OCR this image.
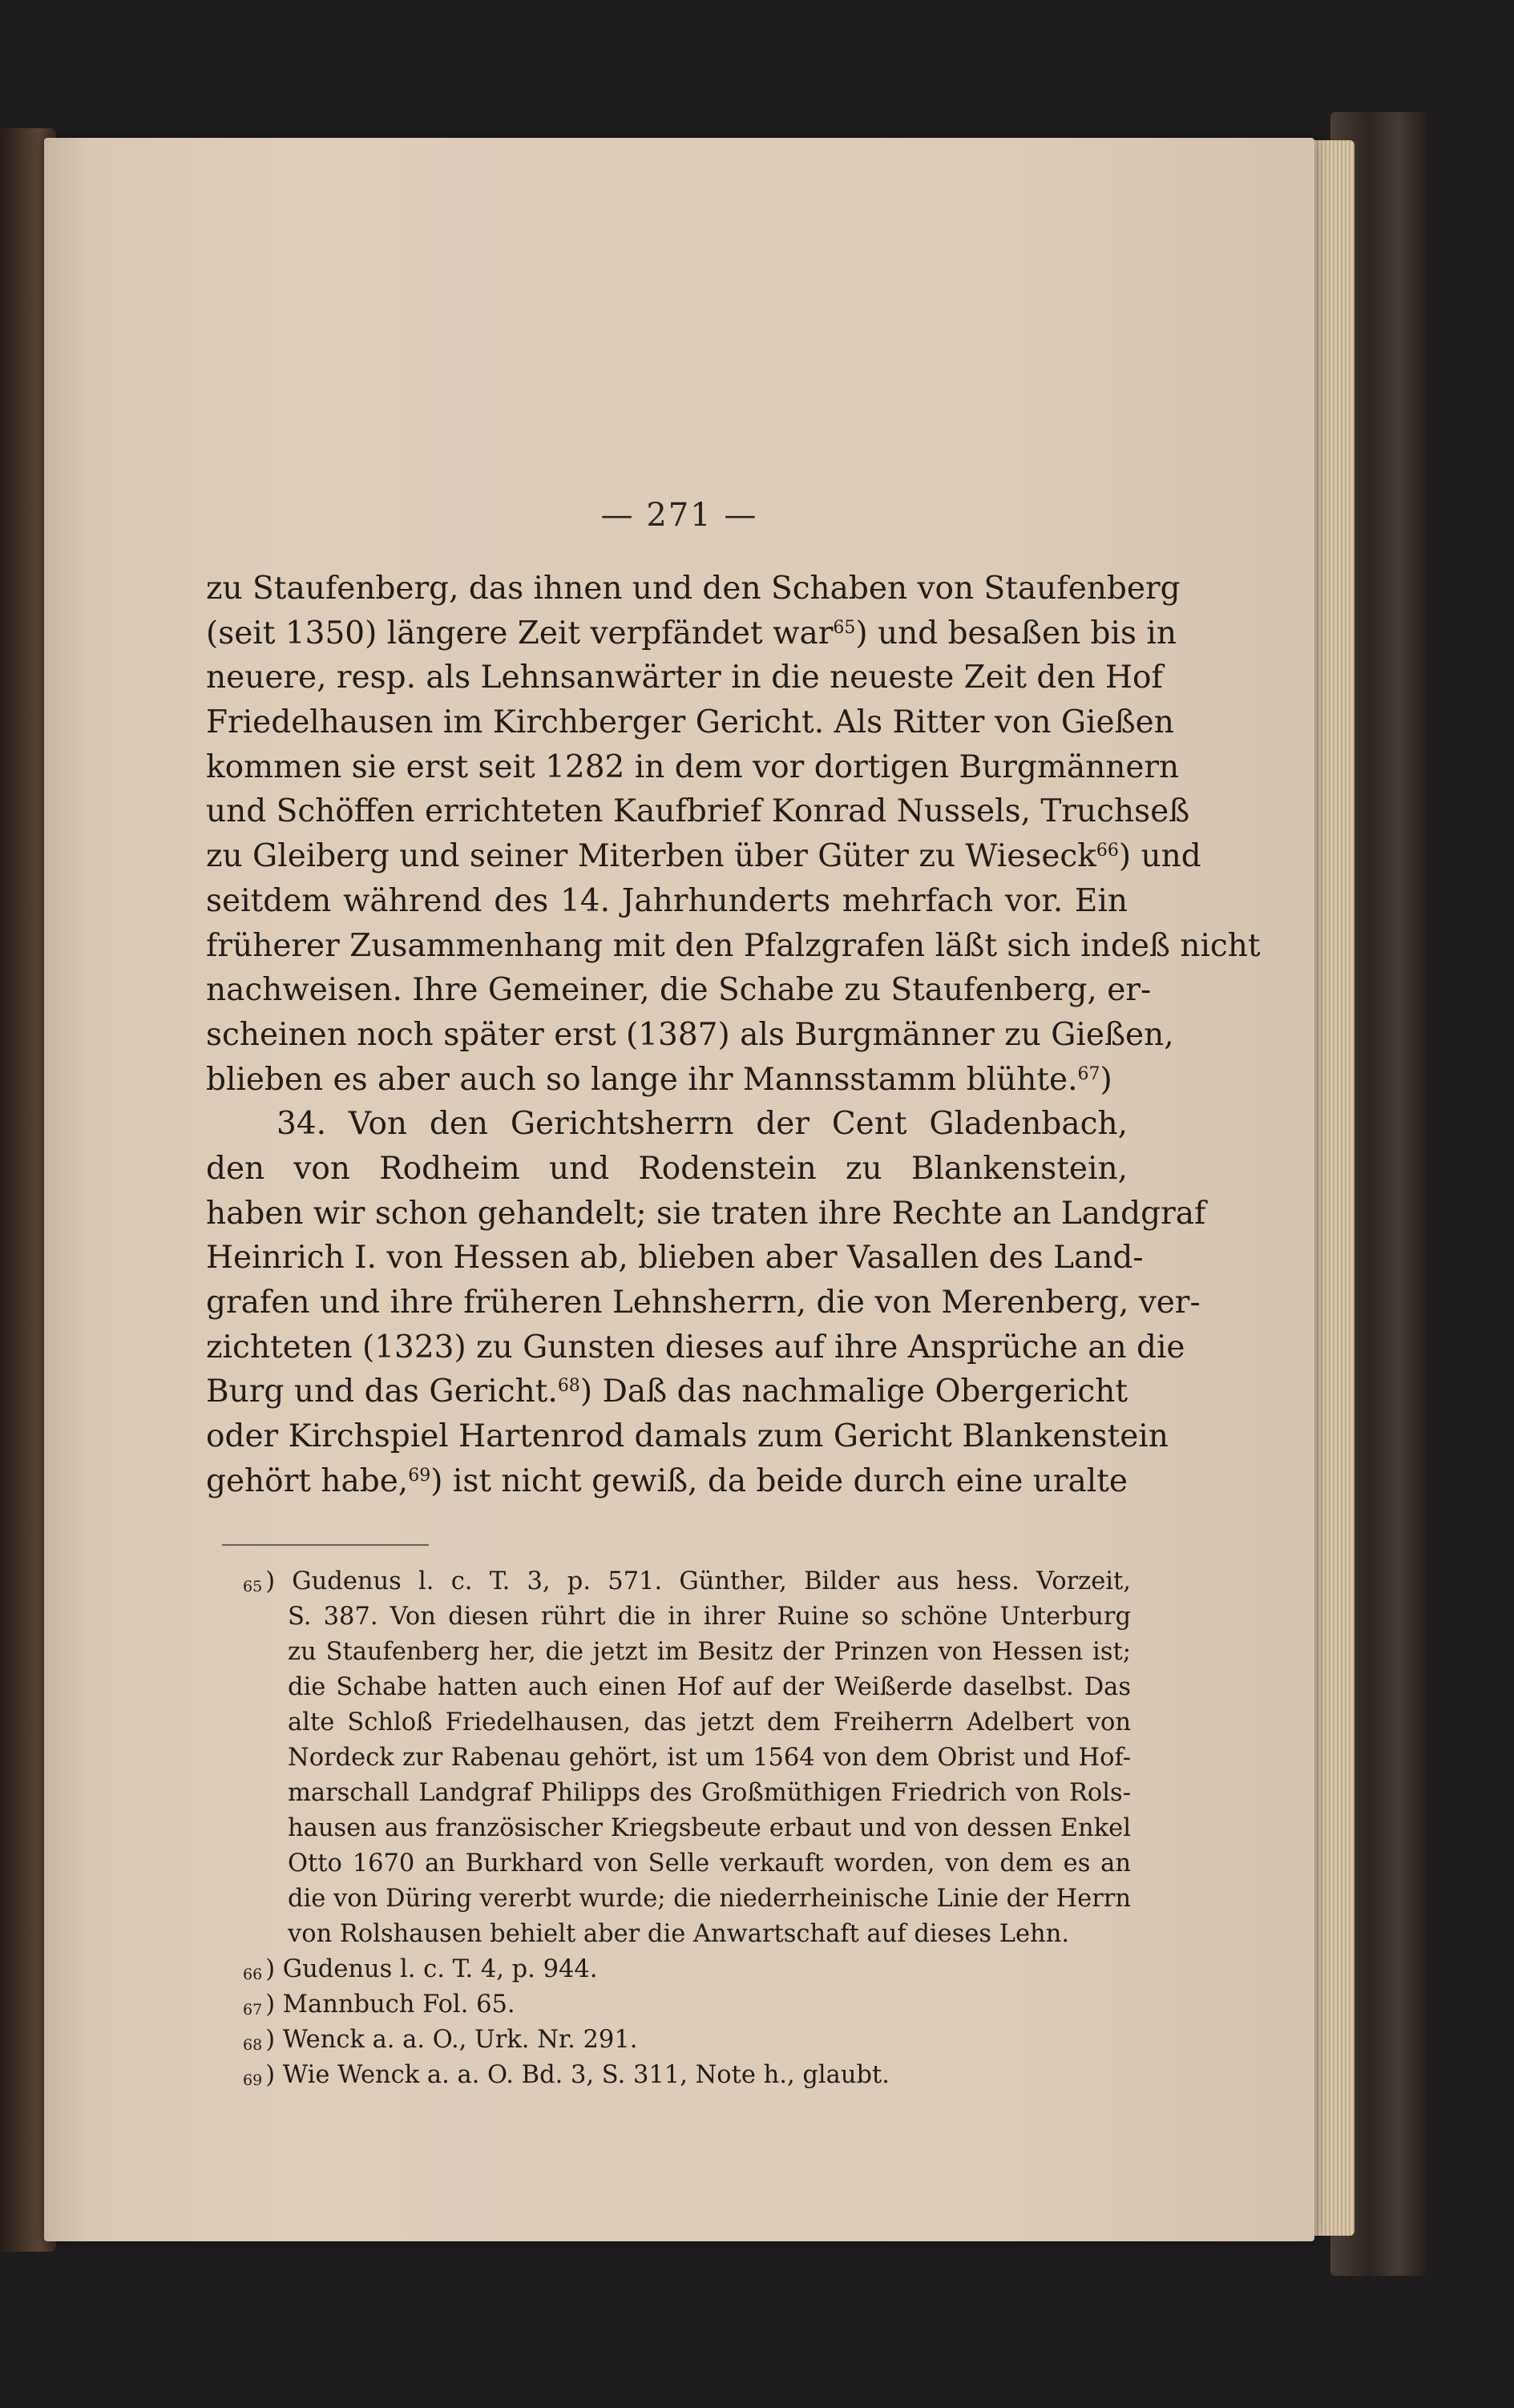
— 271 —
zu Staufenberg, das ihnen und den Schaben von Staufenberg
(seit 1350) längere Zeit verpfändet war$^{65}$) und besaßen bis in
neuere, resp. als Lehnsanwärter in die neueste Zeit den Hof
Friedelhausen im Kirchberger Gericht. Als Ritter von Gießen
kommen sie erst seit 1282 in dem vor dortigen Burgmännern
und Schöffen errichteten Kaufbrief Konrad Nussels, Truchseß
zu Gleiberg und seiner Miterben über Güter zu Wieseck$^{66}$) und
seitdem während des 14. Jahrhunderts mehrfach vor. Ein
früherer Zusammenhang mit den Pfalzgrafen läßt sich indeß nicht
nachweisen. Ihre Gemeiner, die Schabe zu Staufenberg, er-
scheinen noch später erst (1387) als Burgmänner zu Gießen,
blieben es aber auch so lange ihr Mannsstamm blühte.$^{67}$)
34. Von den Gerichtsherrn der Cent Gladenbach,
den von Rodheim und Rodenstein zu Blankenstein,
haben wir schon gehandelt; sie traten ihre Rechte an Landgraf
Heinrich I. von Hessen ab, blieben aber Vasallen des Land-
grafen und ihre früheren Lehnsherrn, die von Merenberg, ver-
zichteten (1323) zu Gunsten dieses auf ihre Ansprüche an die
Burg und das Gericht.$^{68}$) Daß das nachmalige Obergericht
oder Kirchspiel Hartenrod damals zum Gericht Blankenstein
gehört habe,$^{69}$) ist nicht gewiß, da beide durch eine uralte
$^{65}$ ) Gudenus l. c. T. 3, p. 571. Günther, Bilder aus hess. Vorzeit,
S. 387. Von diesen rührt die in ihrer Ruine so schöne Unterburg
zu Staufenberg her, die jetzt im Besitz der Prinzen von Hessen ist;
die Schabe hatten auch einen Hof auf der Weißerde daselbst. Das
alte Schloß Friedelhausen, das jetzt dem Freiherrn Adelbert von
Nordeck zur Rabenau gehört, ist um 1564 von dem Obrist und Hof-
marschall Landgraf Philipps des Großmüthigen Friedrich von Rols-
hausen aus französischer Kriegsbeute erbaut und von dessen Enkel
Otto 1670 an Burkhard von Selle verkauft worden, von dem es an
die von Düring vererbt wurde; die niederrheinische Linie der Herrn
von Rolshausen behielt aber die Anwartschaft auf dieses Lehn.
$^{66}$ ) Gudenus l. c. T. 4, p. 944.
$^{67}$ ) Mannbuch Fol. 65.
$^{68}$ ) Wenck a. a. O., Urk. Nr. 291.
$^{69}$ ) Wie Wenck a. a. O. Bd. 3, S. 311, Note h., glaubt.
